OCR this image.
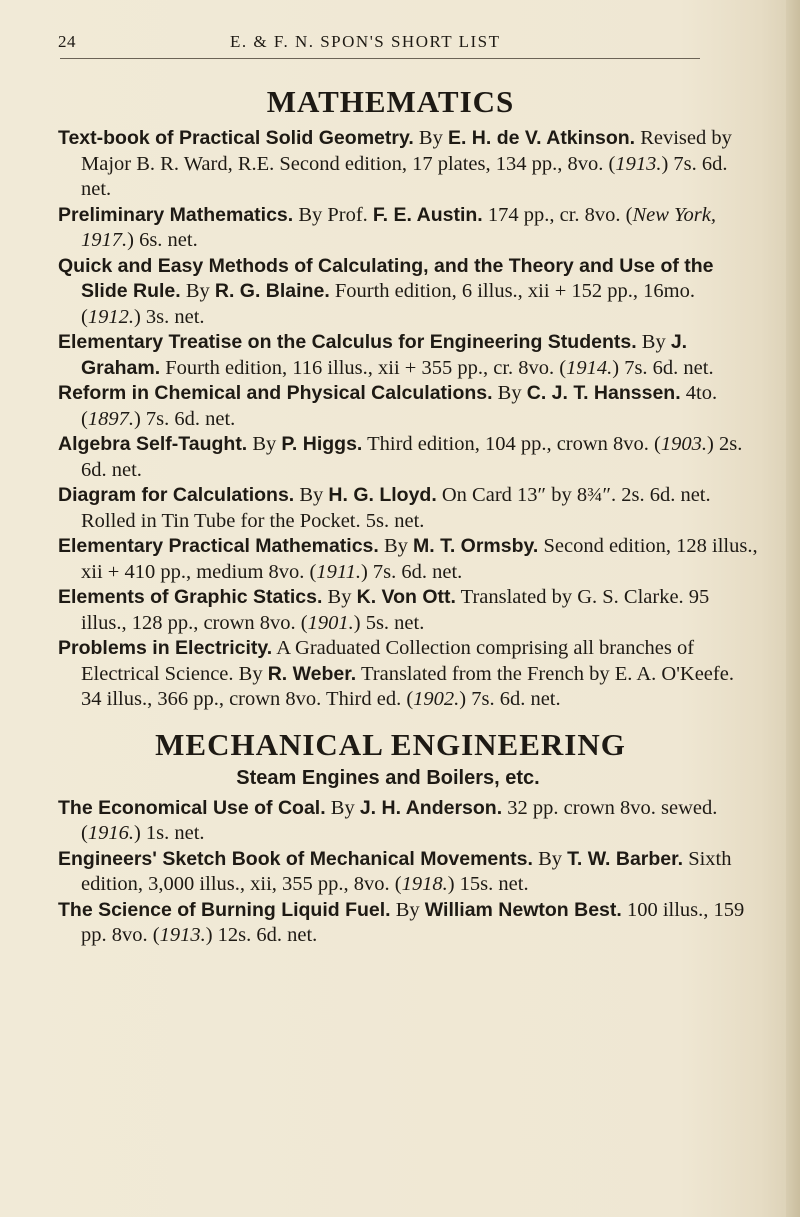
24	E. & F. N. SPON'S SHORT LIST
MATHEMATICS
Text-book of Practical Solid Geometry. By E. H. de V. Atkinson. Revised by Major B. R. Ward, R.E. Second edition, 17 plates, 134 pp., 8vo. (1913.) 7s. 6d. net.
Preliminary Mathematics. By Prof. F. E. Austin. 174 pp., cr. 8vo. (New York, 1917.) 6s. net.
Quick and Easy Methods of Calculating, and the Theory and Use of the Slide Rule. By R. G. Blaine. Fourth edition, 6 illus., xii + 152 pp., 16mo. (1912.) 3s. net.
Elementary Treatise on the Calculus for Engineering Students. By J. Graham. Fourth edition, 116 illus., xii + 355 pp., cr. 8vo. (1914.) 7s. 6d. net.
Reform in Chemical and Physical Calculations. By C. J. T. Hanssen. 4to. (1897.) 7s. 6d. net.
Algebra Self-Taught. By P. Higgs. Third edition, 104 pp., crown 8vo. (1903.) 2s. 6d. net.
Diagram for Calculations. By H. G. Lloyd. On Card 13″ by 8¾″. 2s. 6d. net. Rolled in Tin Tube for the Pocket. 5s. net.
Elementary Practical Mathematics. By M. T. Ormsby. Second edition, 128 illus., xii + 410 pp., medium 8vo. (1911.) 7s. 6d. net.
Elements of Graphic Statics. By K. Von Ott. Translated by G. S. Clarke. 95 illus., 128 pp., crown 8vo. (1901.) 5s. net.
Problems in Electricity. A Graduated Collection comprising all branches of Electrical Science. By R. Weber. Translated from the French by E. A. O'Keefe. 34 illus., 366 pp., crown 8vo. Third ed. (1902.) 7s. 6d. net.
MECHANICAL ENGINEERING
Steam Engines and Boilers, etc.
The Economical Use of Coal. By J. H. Anderson. 32 pp. crown 8vo. sewed. (1916.) 1s. net.
Engineers' Sketch Book of Mechanical Movements. By T. W. Barber. Sixth edition, 3,000 illus., xii, 355 pp., 8vo. (1918.) 15s. net.
The Science of Burning Liquid Fuel. By William Newton Best. 100 illus., 159 pp. 8vo. (1913.) 12s. 6d. net.
